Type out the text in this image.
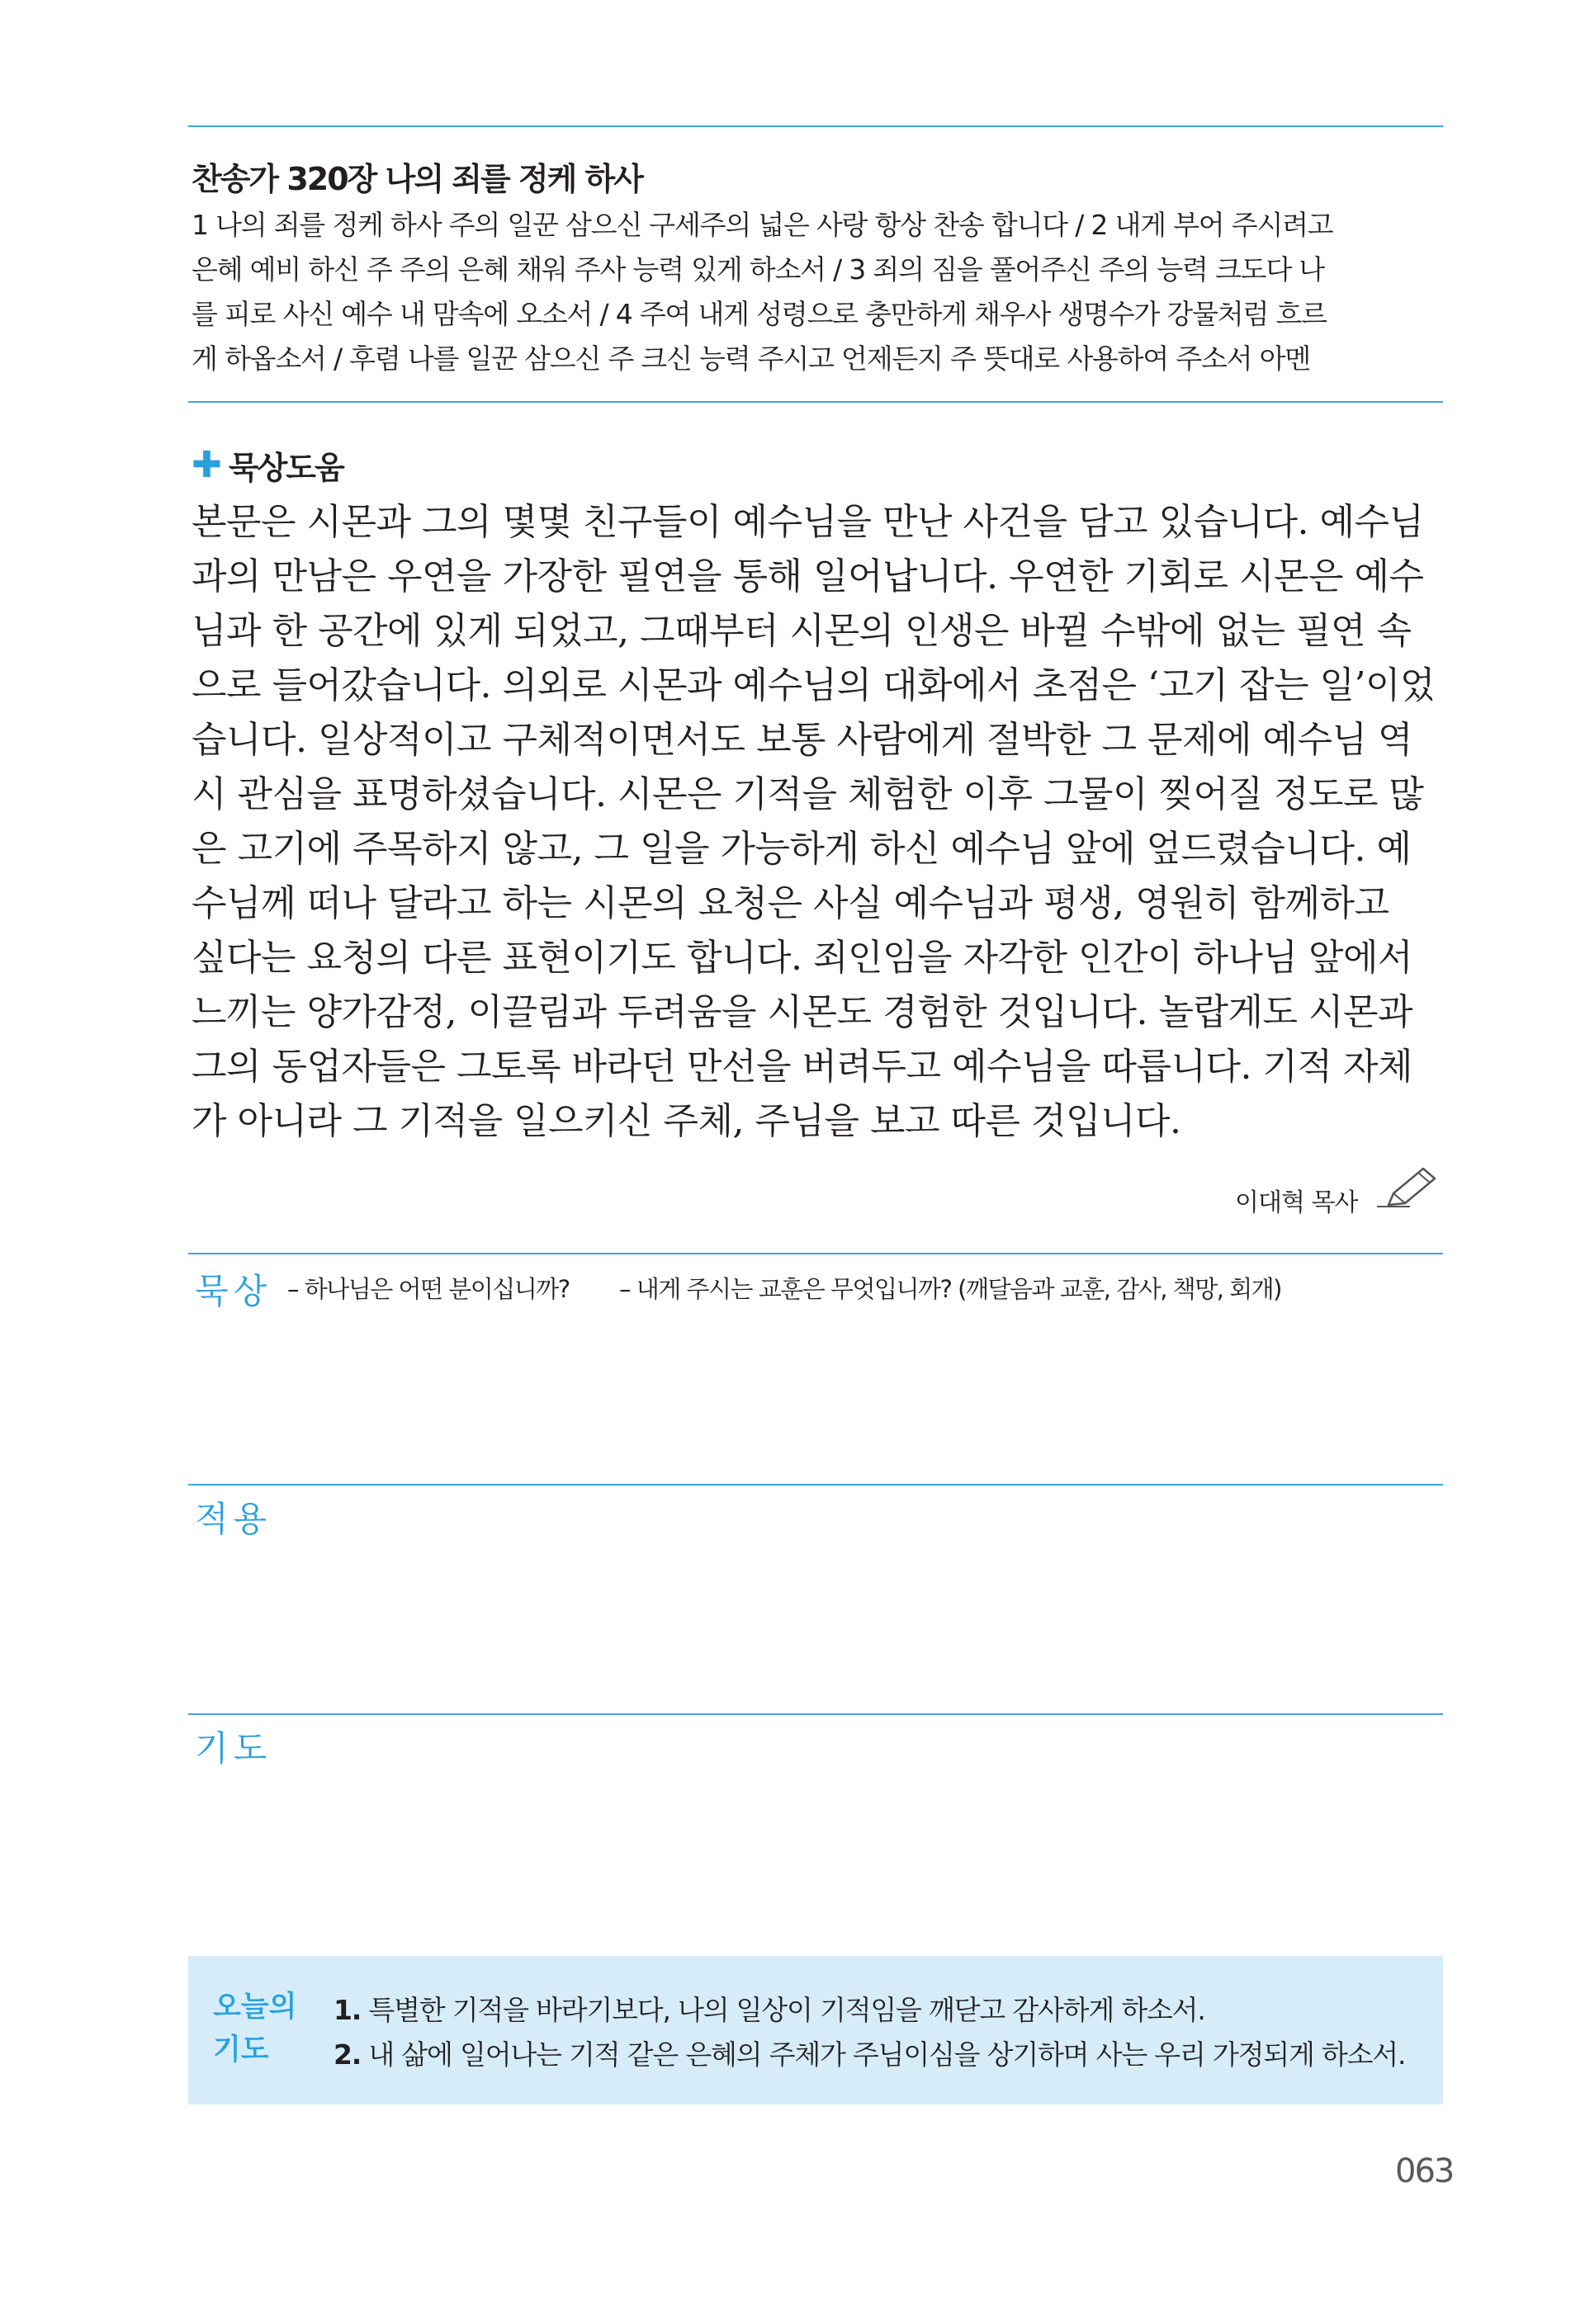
찬송가 320장 나의 죄를 정케 하사
1 나의 죄를 정케 하사 주의 일꾼 삼으신 구세주의 넓은 사랑 항상 찬송 합니다 / 2 내게 부어 주시려고
은혜 예비 하신 주 주의 은혜 채워 주사 능력 있게 하소서 / 3 죄의 짐을 풀어주신 주의 능력 크도다 나
를 피로 사신 예수 내 맘속에 오소서 / 4 주여 내게 성령으로 충만하게 채우사 생명수가 강물처럼 흐르
게 하옵소서 / 후렴 나를 일꾼 삼으신 주 크신 능력 주시고 언제든지 주 뜻대로 사용하여 주소서 아멘
✚ 묵상도움
본문은 시몬과 그의 몇몇 친구들이 예수님을 만난 사건을 담고 있습니다. 예수님
과의 만남은 우연을 가장한 필연을 통해 일어납니다. 우연한 기회로 시몬은 예수
님과 한 공간에 있게 되었고, 그때부터 시몬의 인생은 바뀔 수밖에 없는 필연 속
으로 들어갔습니다. 의외로 시몬과 예수님의 대화에서 초점은 ‘고기 잡는 일’이었
습니다. 일상적이고 구체적이면서도 보통 사람에게 절박한 그 문제에 예수님 역
시 관심을 표명하셨습니다. 시몬은 기적을 체험한 이후 그물이 찢어질 정도로 많
은 고기에 주목하지 않고, 그 일을 가능하게 하신 예수님 앞에 엎드렸습니다. 예
수님께 떠나 달라고 하는 시몬의 요청은 사실 예수님과 평생, 영원히 함께하고
싶다는 요청의 다른 표현이기도 합니다. 죄인임을 자각한 인간이 하나님 앞에서
느끼는 양가감정, 이끌림과 두려움을 시몬도 경험한 것입니다. 놀랍게도 시몬과
그의 동업자들은 그토록 바라던 만선을 버려두고 예수님을 따릅니다. 기적 자체
가 아니라 그 기적을 일으키신 주체, 주님을 보고 따른 것입니다.
이대혁 목사
묵상 – 하나님은 어떤 분이십니까? – 내게 주시는 교훈은 무엇입니까? (깨달음과 교훈, 감사, 책망, 회개)
적용
기도
오늘의
기도
1. 특별한 기적을 바라기보다, 나의 일상이 기적임을 깨닫고 감사하게 하소서.
2. 내 삶에 일어나는 기적 같은 은혜의 주체가 주님이심을 상기하며 사는 우리 가정되게 하소서.
063
